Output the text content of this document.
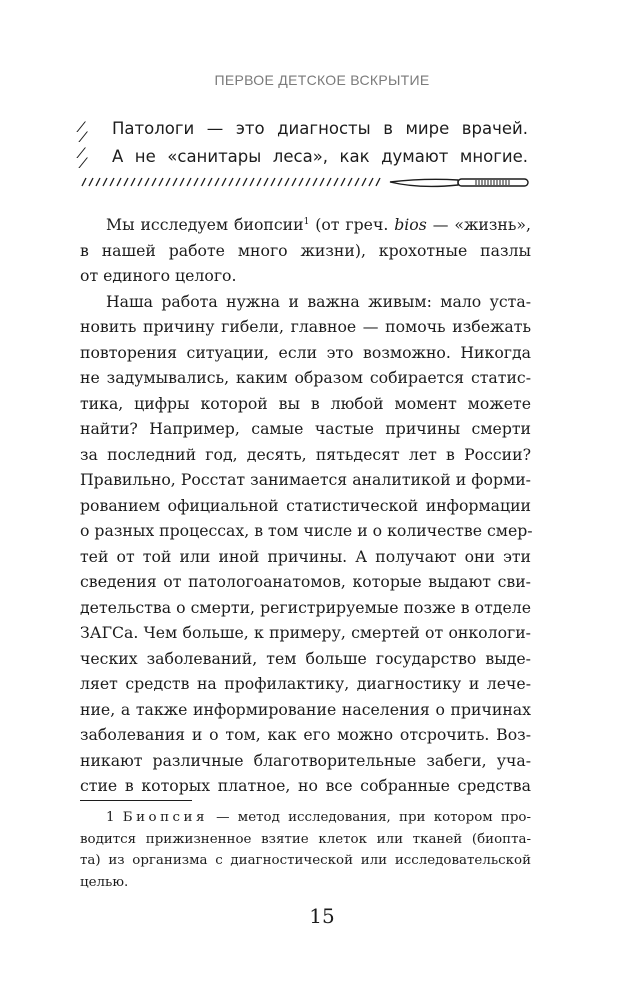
ПЕРВОЕ ДЕТСКОЕ ВСКРЫТИЕ
⁄
⁄
⁄
⁄
Патологи — это диагносты в мире врачей.
А не «санитары леса», как думают многие.
Мы исследуем биопсии$^1$ (от греч. bios — «жизнь»,
в нашей работе много жизни), крохотные пазлы
от единого целого.
Наша работа нужна и важна живым: мало уста-
новить причину гибели, главное — помочь избежать
повторения ситуации, если это возможно. Никогда
не задумывались, каким образом собирается статис-
тика, цифры которой вы в любой момент можете
найти? Например, самые частые причины смерти
за последний год, десять, пятьдесят лет в России?
Правильно, Росстат занимается аналитикой и форми-
рованием официальной статистической информации
о разных процессах, в том числе и о количестве смер-
тей от той или иной причины. А получают они эти
сведения от патологоанатомов, которые выдают сви-
детельства о смерти, регистрируемые позже в отделе
ЗАГСа. Чем больше, к примеру, смертей от онкологи-
ческих заболеваний, тем больше государство выде-
ляет средств на профилактику, диагностику и лече-
ние, а также информирование населения о причинах
заболевания и о том, как его можно отсрочить. Воз-
никают различные благотворительные забеги, уча-
стие в которых платное, но все собранные средства
1 Биопсия — метод исследования, при котором про-
водится прижизненное взятие клеток или тканей (биопта-
та) из организма с диагностической или исследовательской
целью.
15
